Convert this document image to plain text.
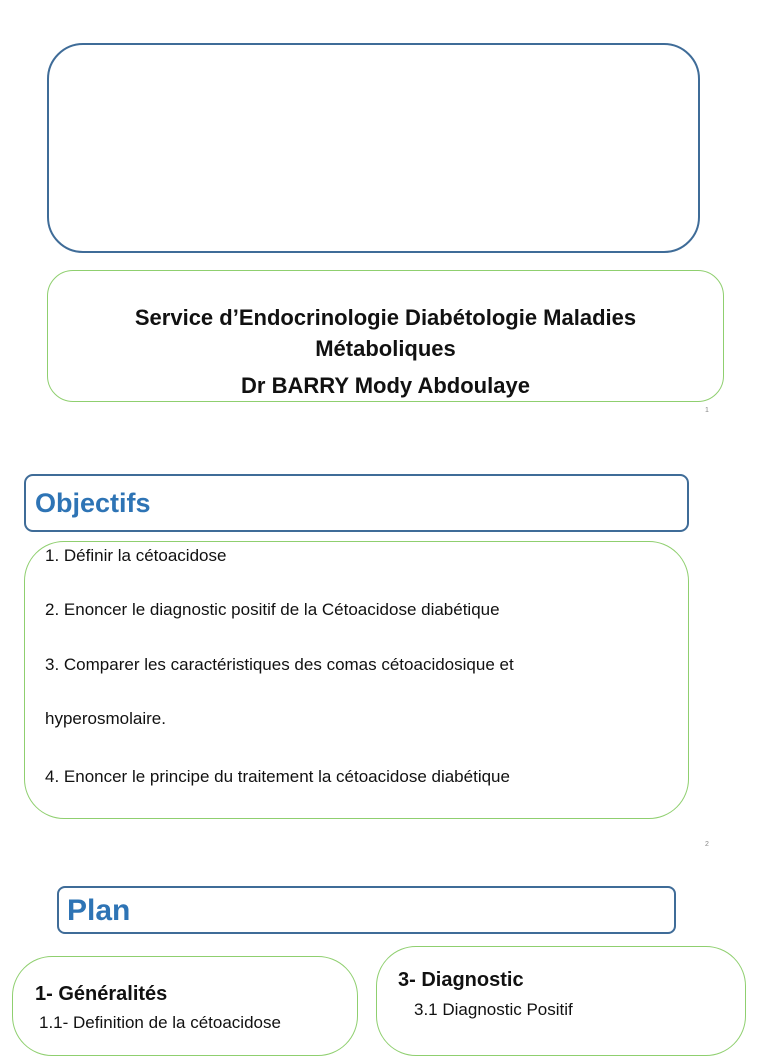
Service d’Endocrinologie Diabétologie Maladies
Métaboliques
Dr BARRY Mody Abdoulaye
1
Objectifs
1. Définir la cétoacidose
2. Enoncer le diagnostic positif de la Cétoacidose diabétique
3. Comparer les caractéristiques des comas cétoacidosique et
hyperosmolaire.
4. Enoncer le principe du traitement la cétoacidose diabétique
2
Plan
1- Généralités
1.1- Definition de la cétoacidose
3- Diagnostic
3.1 Diagnostic Positif
